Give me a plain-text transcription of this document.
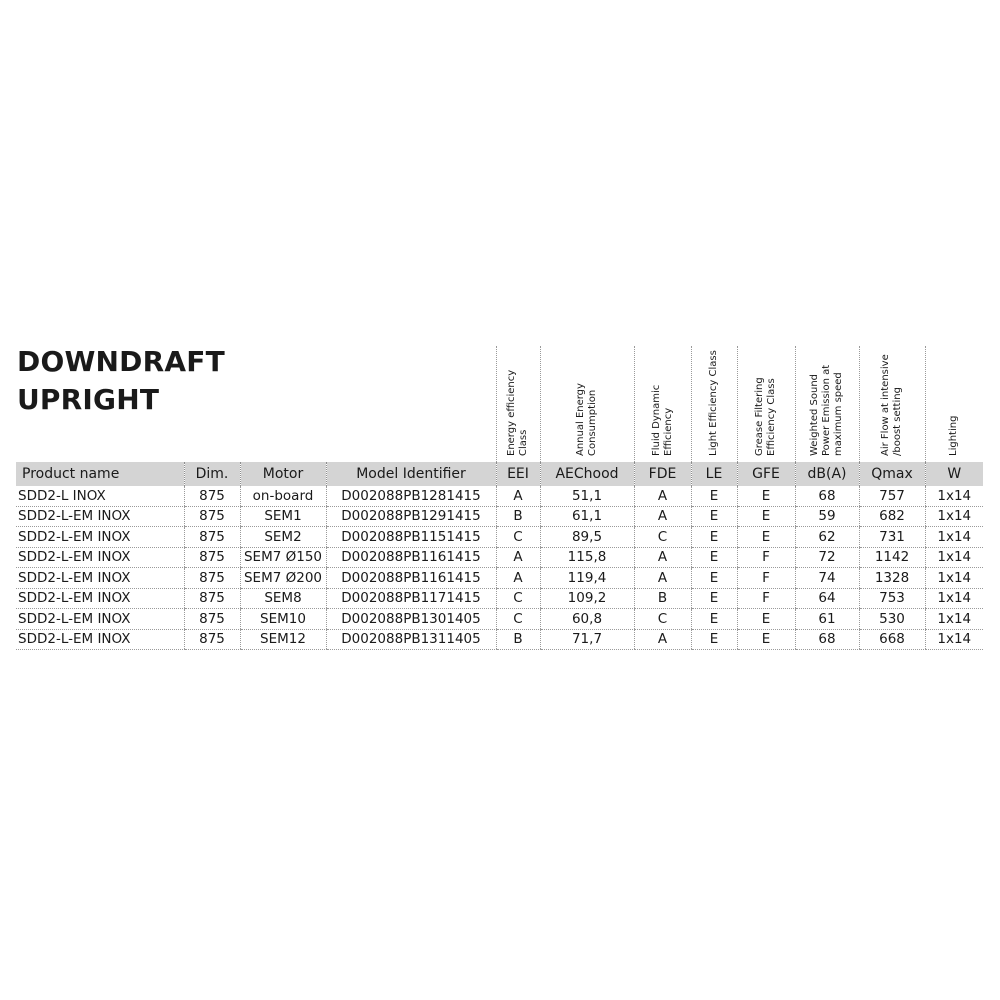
DOWNDRAFT
UPRIGHT	Energy efficiency Class	Annual Energy Consumption	Fluid Dynamic Efficiency	Light Efficiency Class	Grease Filtering Efficiency Class	Weighted Sound Power Emission at maximum speed	Air Flow at intensive /boost setting	Lighting
Product name	Dim.	Motor	Model Identifier	EEI	AEChood	FDE	LE	GFE	dB(A)	Qmax	W
SDD2-L INOX	875	on-board	D002088PB1281415	A	51,1	A	E	E	68	757	1x14
SDD2-L-EM INOX	875	SEM1	D002088PB1291415	B	61,1	A	E	E	59	682	1x14
SDD2-L-EM INOX	875	SEM2	D002088PB1151415	C	89,5	C	E	E	62	731	1x14
SDD2-L-EM INOX	875	SEM7 Ø150	D002088PB1161415	A	115,8	A	E	F	72	1142	1x14
SDD2-L-EM INOX	875	SEM7 Ø200	D002088PB1161415	A	119,4	A	E	F	74	1328	1x14
SDD2-L-EM INOX	875	SEM8	D002088PB1171415	C	109,2	B	E	F	64	753	1x14
SDD2-L-EM INOX	875	SEM10	D002088PB1301405	C	60,8	C	E	E	61	530	1x14
SDD2-L-EM INOX	875	SEM12	D002088PB1311405	B	71,7	A	E	E	68	668	1x14
